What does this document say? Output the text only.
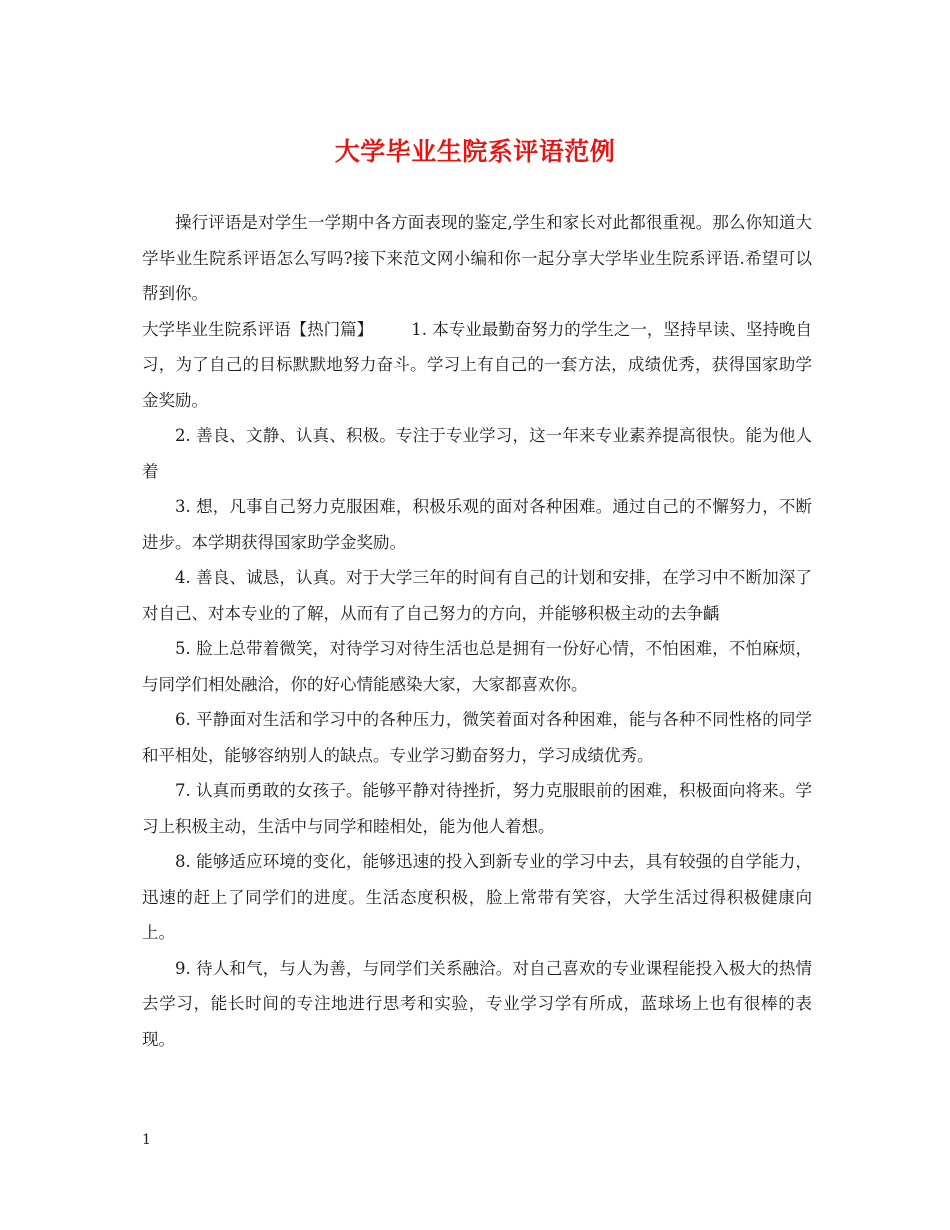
大学毕业生院系评语范例

操行评语是对学生一学期中各方面表现的鉴定,学生和家长对此都很重视。那么你知道大学毕业生院系评语怎么写吗?接下来范文网小编和你一起分享大学毕业生院系评语.希望可以帮到你。

大学毕业生院系评语【热门篇】 1. 本专业最勤奋努力的学生之一，坚持早读、坚持晚自习，为了自己的目标默默地努力奋斗。学习上有自己的一套方法，成绩优秀，获得国家助学金奖励。

2. 善良、文静、认真、积极。专注于专业学习，这一年来专业素养提高很快。能为他人着

3. 想，凡事自己努力克服困难，积极乐观的面对各种困难。通过自己的不懈努力，不断进步。本学期获得国家助学金奖励。

4. 善良、诚恳，认真。对于大学三年的时间有自己的计划和安排，在学习中不断加深了对自己、对本专业的了解，从而有了自己努力的方向，并能够积极主动的去争齲

5. 脸上总带着微笑，对待学习对待生活也总是拥有一份好心情，不怕困难，不怕麻烦，与同学们相处融洽，你的好心情能感染大家，大家都喜欢你。

6. 平静面对生活和学习中的各种压力，微笑着面对各种困难，能与各种不同性格的同学和平相处，能够容纳别人的缺点。专业学习勤奋努力，学习成绩优秀。

7. 认真而勇敢的女孩子。能够平静对待挫折，努力克服眼前的困难，积极面向将来。学习上积极主动，生活中与同学和睦相处，能为他人着想。

8. 能够适应环境的变化，能够迅速的投入到新专业的学习中去，具有较强的自学能力，迅速的赶上了同学们的进度。生活态度积极，脸上常带有笑容，大学生活过得积极健康向上。

9. 待人和气，与人为善，与同学们关系融洽。对自己喜欢的专业课程能投入极大的热情去学习，能长时间的专注地进行思考和实验，专业学习学有所成，蓝球场上也有很棒的表现。

1
